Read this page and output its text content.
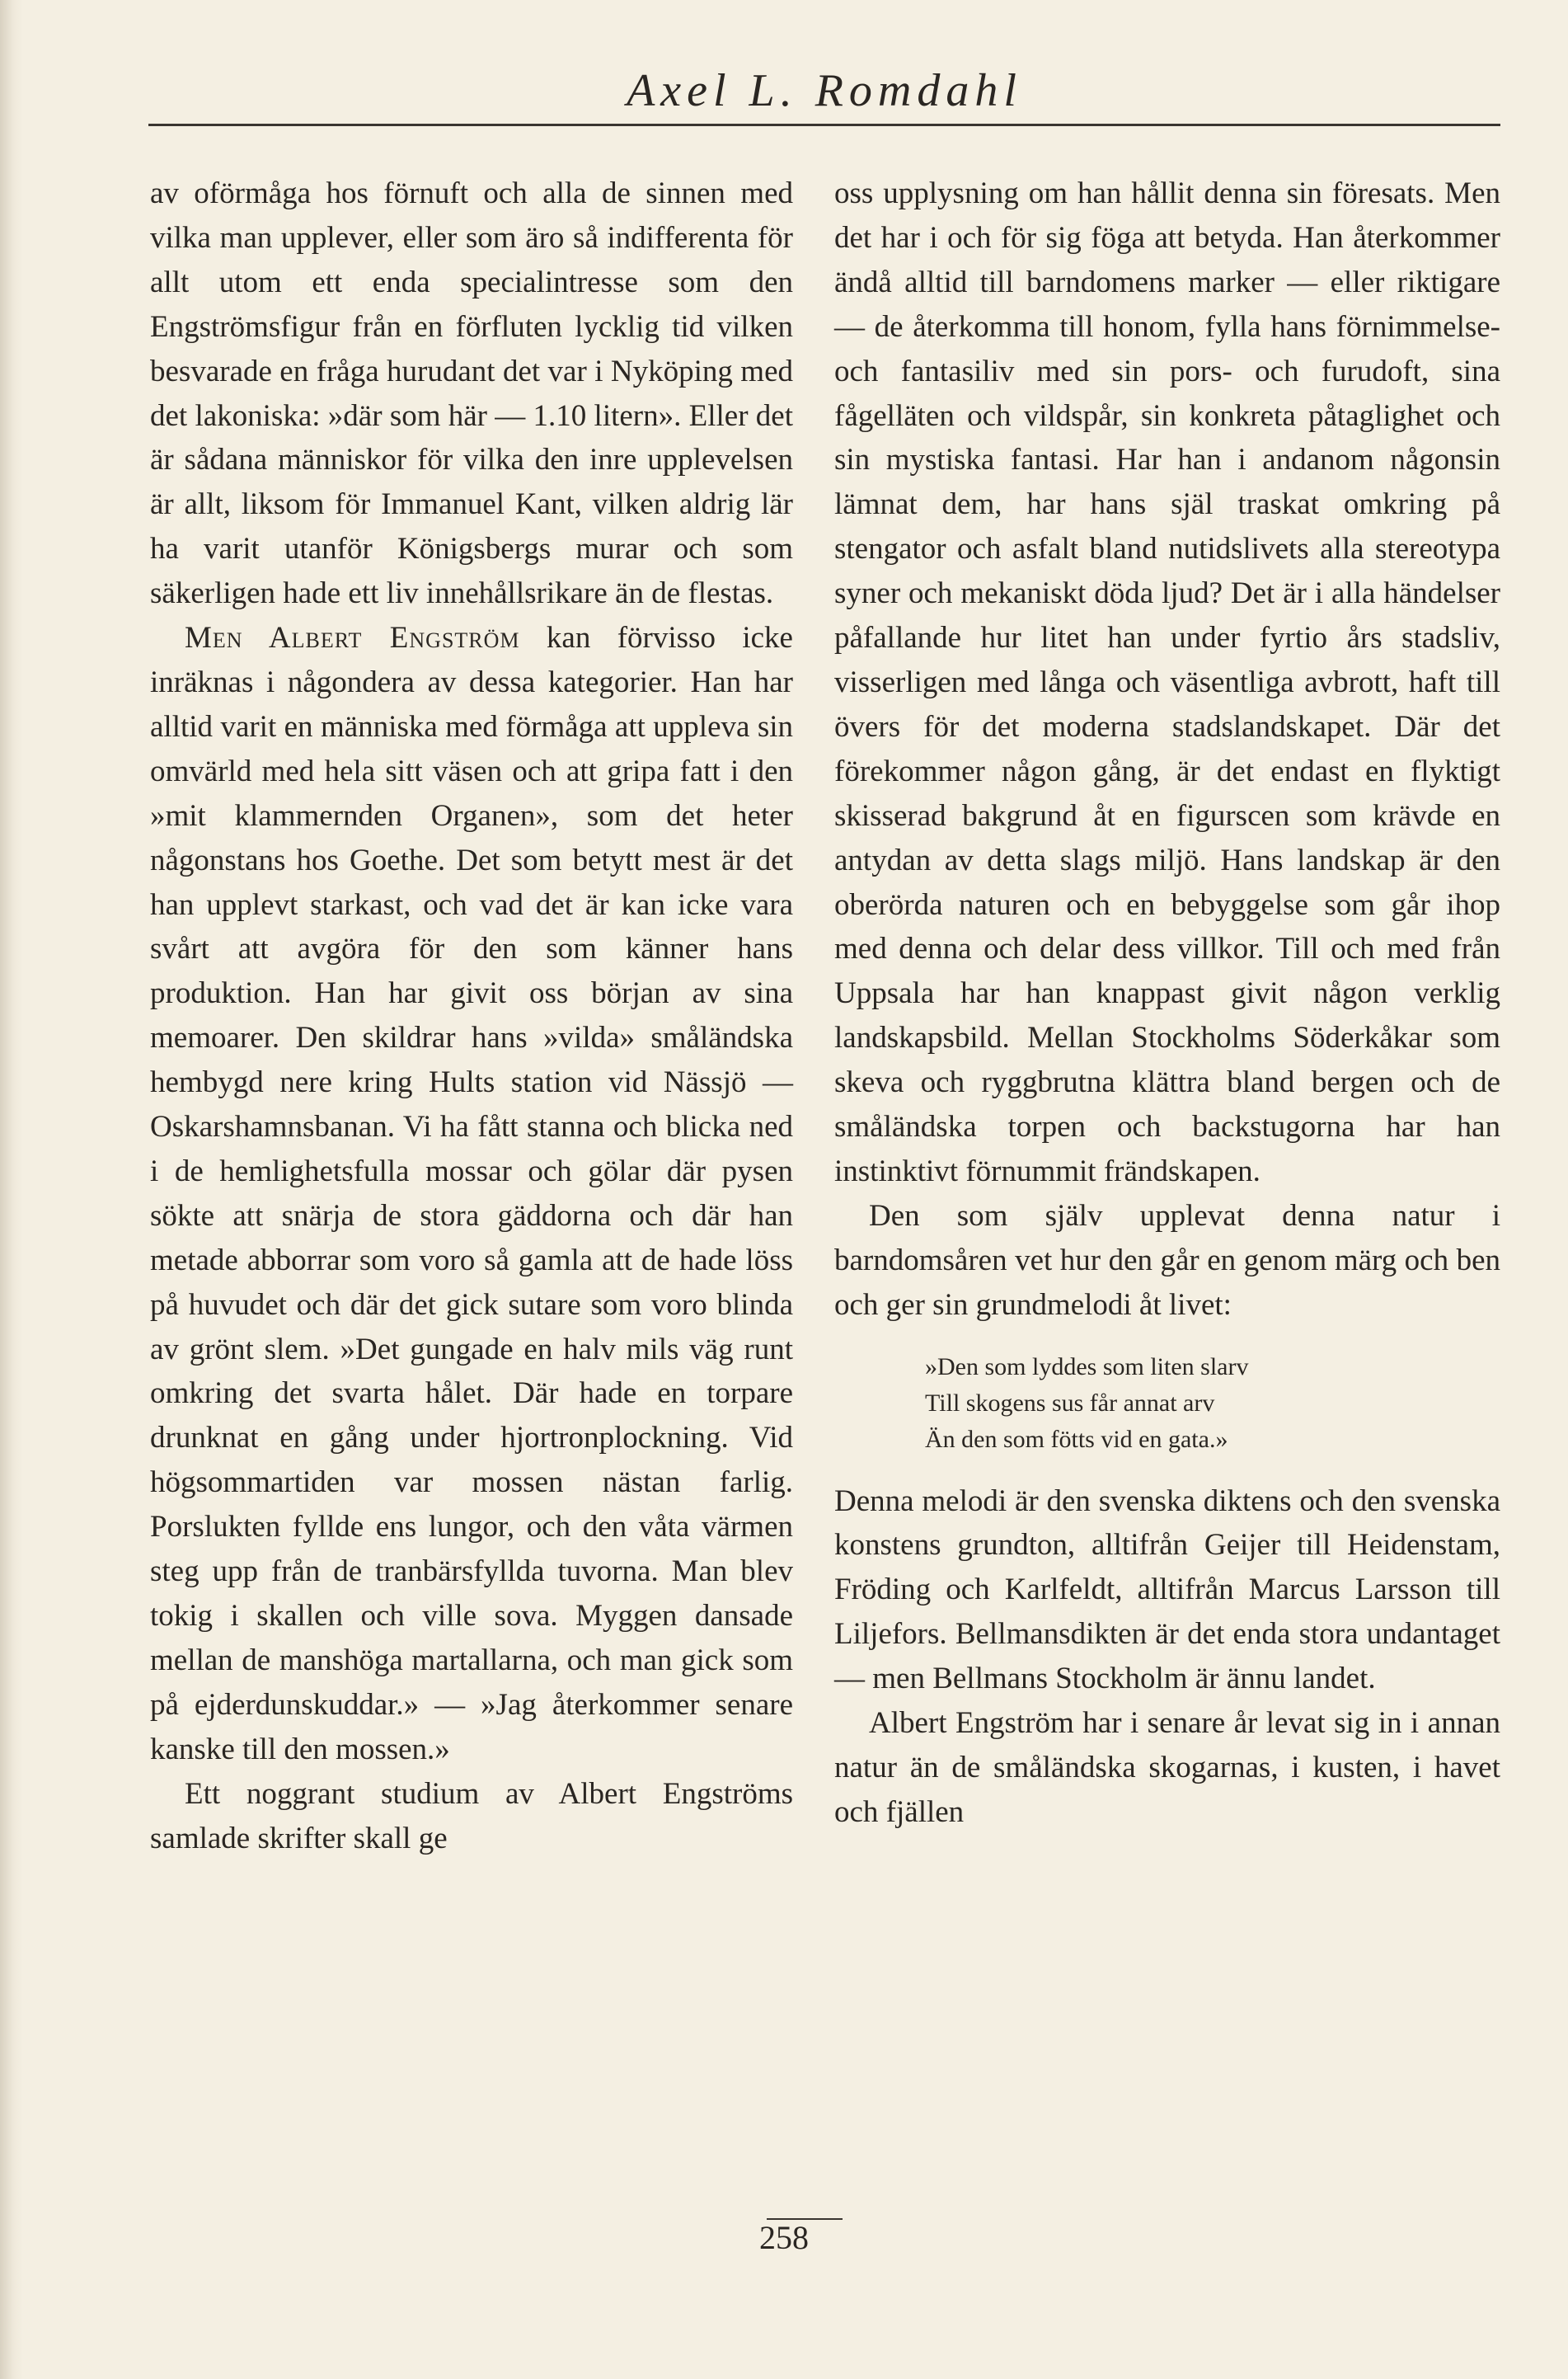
Axel L. Romdahl

av oförmåga hos förnuft och alla de sinnen med vilka man upplever, eller som äro så indifferenta för allt utom ett enda specialintresse som den Engströmsfigur från en förfluten lycklig tid vilken besvarade en fråga hurudant det var i Nyköping med det lakoniska: »där som här — 1.10 litern». Eller det är sådana människor för vilka den inre upplevelsen är allt, liksom för Immanuel Kant, vilken aldrig lär ha varit utanför Königsbergs murar och som säkerligen hade ett liv innehållsrikare än de flestas.

Men Albert Engström kan förvisso icke inräknas i någondera av dessa kategorier. Han har alltid varit en människa med förmåga att uppleva sin omvärld med hela sitt väsen och att gripa fatt i den »mit klammernden Organen», som det heter någonstans hos Goethe. Det som betytt mest är det han upplevt starkast, och vad det är kan icke vara svårt att avgöra för den som känner hans produktion. Han har givit oss början av sina memoarer. Den skildrar hans »vilda» småländska hembygd nere kring Hults station vid Nässjö —Oskarshamnsbanan. Vi ha fått stanna och blicka ned i de hemlighetsfulla mossar och gölar där pysen sökte att snärja de stora gäddorna och där han metade abborrar som voro så gamla att de hade löss på huvudet och där det gick sutare som voro blinda av grönt slem. »Det gungade en halv mils väg runt omkring det svarta hålet. Där hade en torpare drunknat en gång under hjortronplockning. Vid högsommartiden var mossen nästan farlig. Porslukten fyllde ens lungor, och den våta värmen steg upp från de tranbärsfyllda tuvorna. Man blev tokig i skallen och ville sova. Myggen dansade mellan de manshöga martallarna, och man gick som på ejderdunskuddar.» — »Jag återkommer senare kanske till den mossen.»

Ett noggrant studium av Albert Engströms samlade skrifter skall ge

oss upplysning om han hållit denna sin föresats. Men det har i och för sig föga att betyda. Han återkommer ändå alltid till barndomens marker — eller riktigare — de återkomma till honom, fylla hans förnimmelse- och fantasiliv med sin pors- och furudoft, sina fågelläten och vildspår, sin konkreta påtaglighet och sin mystiska fantasi. Har han i andanom någonsin lämnat dem, har hans själ traskat omkring på stengator och asfalt bland nutidslivets alla stereotypa syner och mekaniskt döda ljud? Det är i alla händelser påfallande hur litet han under fyrtio års stadsliv, visserligen med långa och väsentliga avbrott, haft till övers för det moderna stadslandskapet. Där det förekommer någon gång, är det endast en flyktigt skisserad bakgrund åt en figurscen som krävde en antydan av detta slags miljö. Hans landskap är den oberörda naturen och en bebyggelse som går ihop med denna och delar dess villkor. Till och med från Uppsala har han knappast givit någon verklig landskapsbild. Mellan Stockholms Söderkåkar som skeva och ryggbrutna klättra bland bergen och de småländska torpen och backstugorna har han instinktivt förnummit frändskapen.

Den som själv upplevat denna natur i barndomsåren vet hur den går en genom märg och ben och ger sin grundmelodi åt livet:

»Den som lyddes som liten slarv
Till skogens sus får annat arv
Än den som fötts vid en gata.»

Denna melodi är den svenska diktens och den svenska konstens grundton, alltifrån Geijer till Heidenstam, Fröding och Karlfeldt, alltifrån Marcus Larsson till Liljefors. Bellmansdikten är det enda stora undantaget — men Bellmans Stockholm är ännu landet.

Albert Engström har i senare år levat sig in i annan natur än de småländska skogarnas, i kusten, i havet och fjällen

258
